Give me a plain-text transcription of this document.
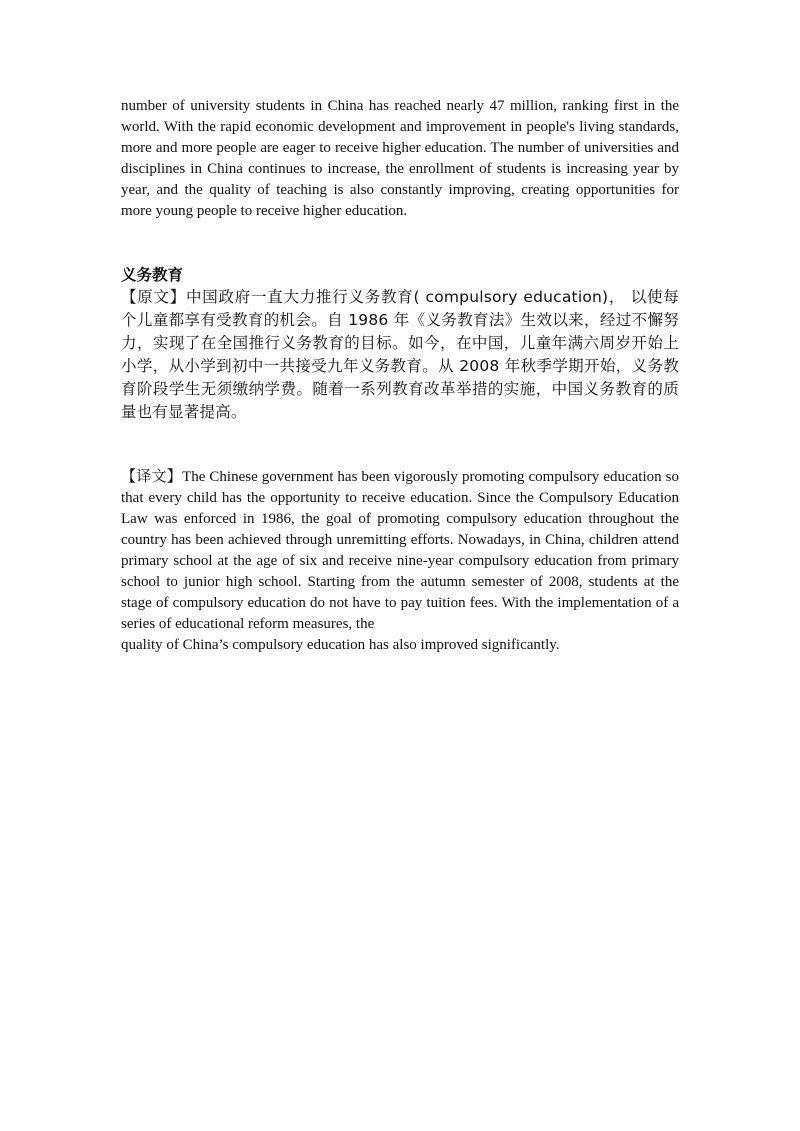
number of university students in China has reached nearly 47 million, ranking first in the world. With the rapid economic development and improvement in people's living standards, more and more people are eager to receive higher education. The number of universities and disciplines in China continues to increase, the enrollment of students is increasing year by year, and the quality of teaching is also constantly improving, creating opportunities for more young people to receive higher education.

义务教育

【原文】中国政府一直大力推行义务教育( compulsory education)， 以使每个儿童都享有受教育的机会。自 1986 年《义务教育法》生效以来，经过不懈努力，实现了在全国推行义务教育的目标。如今，在中国，儿童年满六周岁开始上小学，从小学到初中一共接受九年义务教育。从 2008 年秋季学期开始，义务教育阶段学生无须缴纳学费。随着一系列教育改革举措的实施，中国义务教育的质量也有显著提高。

【译文】The Chinese government has been vigorously promoting compulsory education so that every child has the opportunity to receive education. Since the Compulsory Education Law was enforced in 1986, the goal of promoting compulsory education throughout the country has been achieved through unremitting efforts. Nowadays, in China, children attend primary school at the age of six and receive nine-year compulsory education from primary school to junior high school. Starting from the autumn semester of 2008, students at the stage of compulsory education do not have to pay tuition fees. With the implementation of a series of educational reform measures, the

quality of China’s compulsory education has also improved significantly.
